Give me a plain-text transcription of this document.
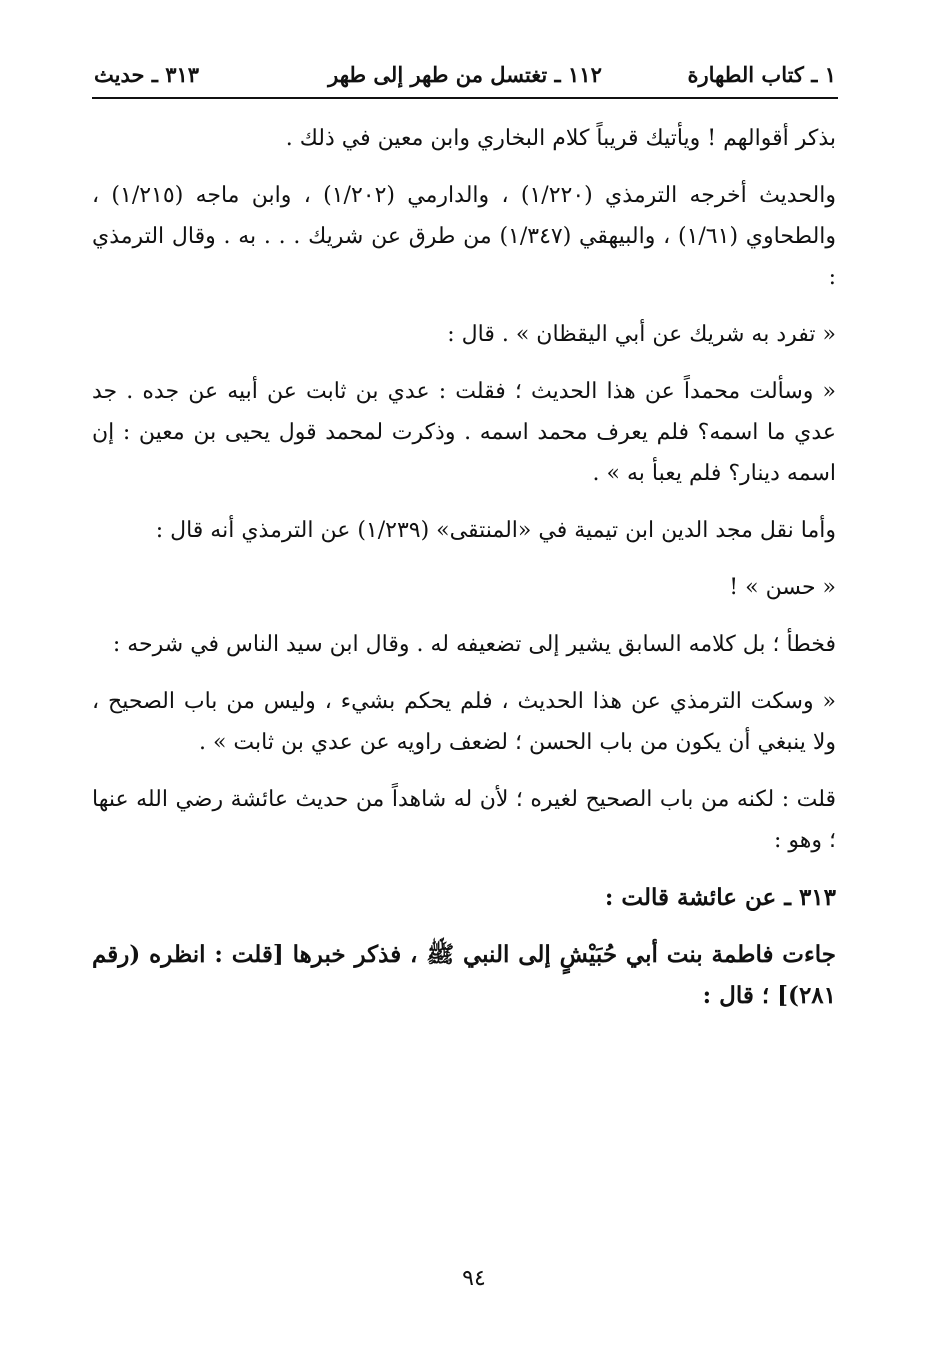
١ ـ كتاب الطهارة
١١٢ ـ تغتسل من طهر إلى طهر
٣١٣ ـ حديث

بذكر أقوالهم ! ويأتيك قريباً كلام البخاري وابن معين في ذلك .

والحديث أخرجه الترمذي (١/٢٢٠) ، والدارمي (١/٢٠٢) ، وابن ماجه (١/٢١٥) ، والطحاوي (١/٦١) ، والبيهقي (١/٣٤٧) من طرق عن شريك . . . به . وقال الترمذي :

« تفرد به شريك عن أبي اليقظان » . قال :

« وسألت محمداً عن هذا الحديث ؛ فقلت : عدي بن ثابت عن أبيه عن جده . جد عدي ما اسمه؟ فلم يعرف محمد اسمه . وذكرت لمحمد قول يحيى بن معين : إن اسمه دينار؟ فلم يعبأ به » .

وأما نقل مجد الدين ابن تيمية في «المنتقى» (١/٢٣٩) عن الترمذي أنه قال :

« حسن » !

فخطأ ؛ بل كلامه السابق يشير إلى تضعيفه له . وقال ابن سيد الناس في شرحه :

« وسكت الترمذي عن هذا الحديث ، فلم يحكم بشيء ، وليس من باب الصحيح ، ولا ينبغي أن يكون من باب الحسن ؛ لضعف راويه عن عدي بن ثابت » .

قلت : لكنه من باب الصحيح لغيره ؛ لأن له شاهداً من حديث عائشة رضي الله عنها ؛ وهو :

٣١٣ ـ عن عائشة قالت :

جاءت فاطمة بنت أبي حُبَيْشٍ إلى النبي ﷺ ، فذكر خبرها [قلت : انظره (رقم ٢٨١)] ؛ قال :

٩٤
